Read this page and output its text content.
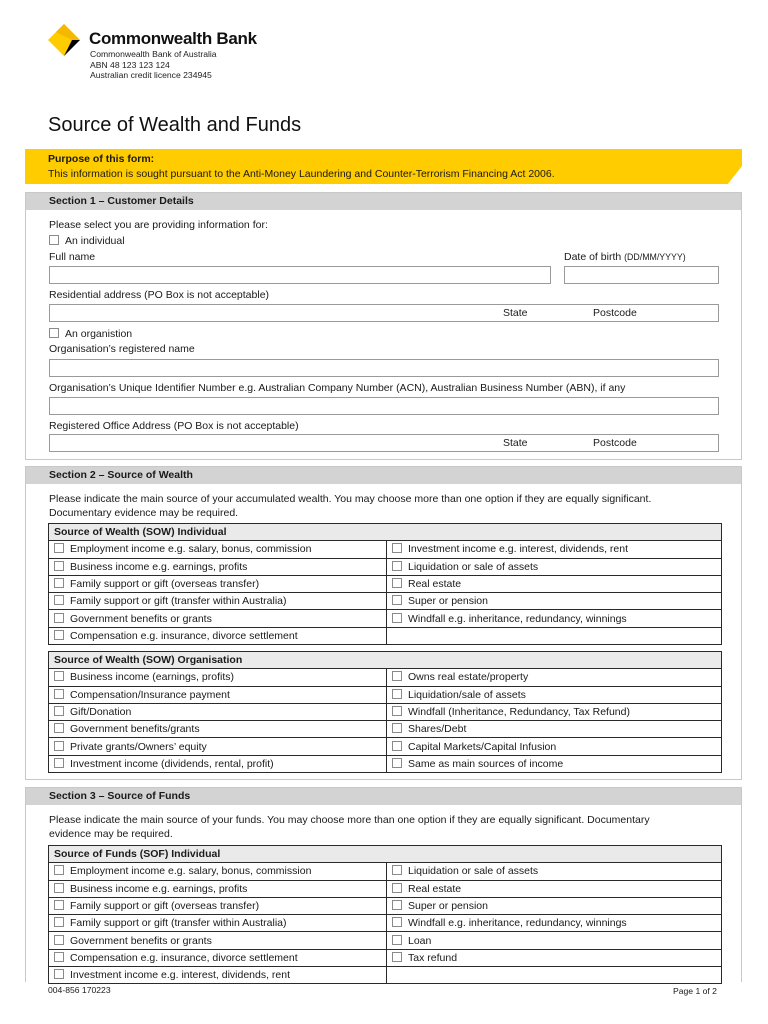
Commonwealth Bank
Commonwealth Bank of Australia
ABN 48 123 123 124
Australian credit licence 234945
Source of Wealth and Funds
Purpose of this form:
This information is sought pursuant to the Anti-Money Laundering and Counter-Terrorism Financing Act 2006.
Section 1 – Customer Details
Please select you are providing information for:
An individual
Full name	Date of birth (DD/MM/YYYY)
Residential address (PO Box is not acceptable)
State	Postcode
An organistion
Organisation’s registered name
Organisation’s Unique Identifier Number e.g. Australian Company Number (ACN), Australian Business Number (ABN), if any
Registered Office Address (PO Box is not acceptable)
State	Postcode
Section 2 – Source of Wealth
Please indicate the main source of your accumulated wealth. You may choose more than one option if they are equally significant.
Documentary evidence may be required.
Source of Wealth (SOW) Individual	
Employment income e.g. salary, bonus, commission	Investment income e.g. interest, dividends, rent
Business income e.g. earnings, profits	Liquidation or sale of assets
Family support or gift (overseas transfer)	Real estate
Family support or gift (transfer within Australia)	Super or pension
Government benefits or grants	Windfall e.g. inheritance, redundancy, winnings
Compensation e.g. insurance, divorce settlement	
Source of Wealth (SOW) Organisation	
Business income (earnings, profits)	Owns real estate/property
Compensation/Insurance payment	Liquidation/sale of assets
Gift/Donation	Windfall (Inheritance, Redundancy, Tax Refund)
Government benefits/grants	Shares/Debt
Private grants/Owners’ equity	Capital Markets/Capital Infusion
Investment income (dividends, rental, profit)	Same as main sources of income
Section 3 – Source of Funds
Please indicate the main source of your funds. You may choose more than one option if they are equally significant. Documentary
evidence may be required.
Source of Funds (SOF) Individual	
Employment income e.g. salary, bonus, commission	Liquidation or sale of assets
Business income e.g. earnings, profits	Real estate
Family support or gift (overseas transfer)	Super or pension
Family support or gift (transfer within Australia)	Windfall e.g. inheritance, redundancy, winnings
Government benefits or grants	Loan
Compensation e.g. insurance, divorce settlement	Tax refund
Investment income e.g. interest, dividends, rent	
004-856 170223	Page 1 of 2
